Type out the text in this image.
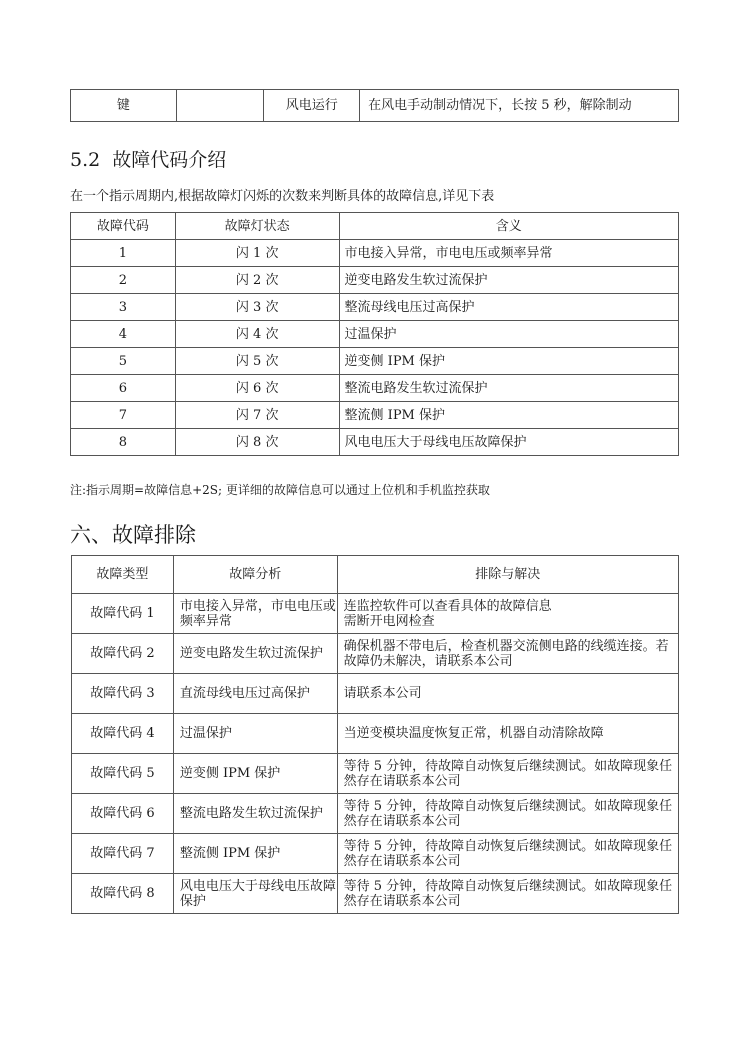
键		风电运行	在风电手动制动情况下，长按 5 秒，解除制动
5.2  故障代码介绍
在一个指示周期内,根据故障灯闪烁的次数来判断具体的故障信息,详见下表
故障代码	故障灯状态	含义
1	闪 1 次	市电接入异常，市电电压或频率异常
2	闪 2 次	逆变电路发生软过流保护
3	闪 3 次	整流母线电压过高保护
4	闪 4 次	过温保护
5	闪 5 次	逆变侧 IPM 保护
6	闪 6 次	整流电路发生软过流保护
7	闪 7 次	整流侧 IPM 保护
8	闪 8 次	风电电压大于母线电压故障保护
注:指示周期=故障信息+2S; 更详细的故障信息可以通过上位机和手机监控获取
六、故障排除
故障类型	故障分析	排除与解决
故障代码 1	市电接入异常，市电电压或频率异常	连监控软件可以查看具体的故障信息
需断开电网检查
故障代码 2	逆变电路发生软过流保护	确保机器不带电后，检查机器交流侧电路的线缆连接。若故障仍未解决，请联系本公司
故障代码 3	直流母线电压过高保护	请联系本公司
故障代码 4	过温保护	当逆变模块温度恢复正常，机器自动清除故障
故障代码 5	逆变侧 IPM 保护	等待 5 分钟，待故障自动恢复后继续测试。如故障现象任然存在请联系本公司
故障代码 6	整流电路发生软过流保护	等待 5 分钟，待故障自动恢复后继续测试。如故障现象任然存在请联系本公司
故障代码 7	整流侧 IPM 保护	等待 5 分钟，待故障自动恢复后继续测试。如故障现象任然存在请联系本公司
故障代码 8	风电电压大于母线电压故障保护	等待 5 分钟，待故障自动恢复后继续测试。如故障现象任然存在请联系本公司
